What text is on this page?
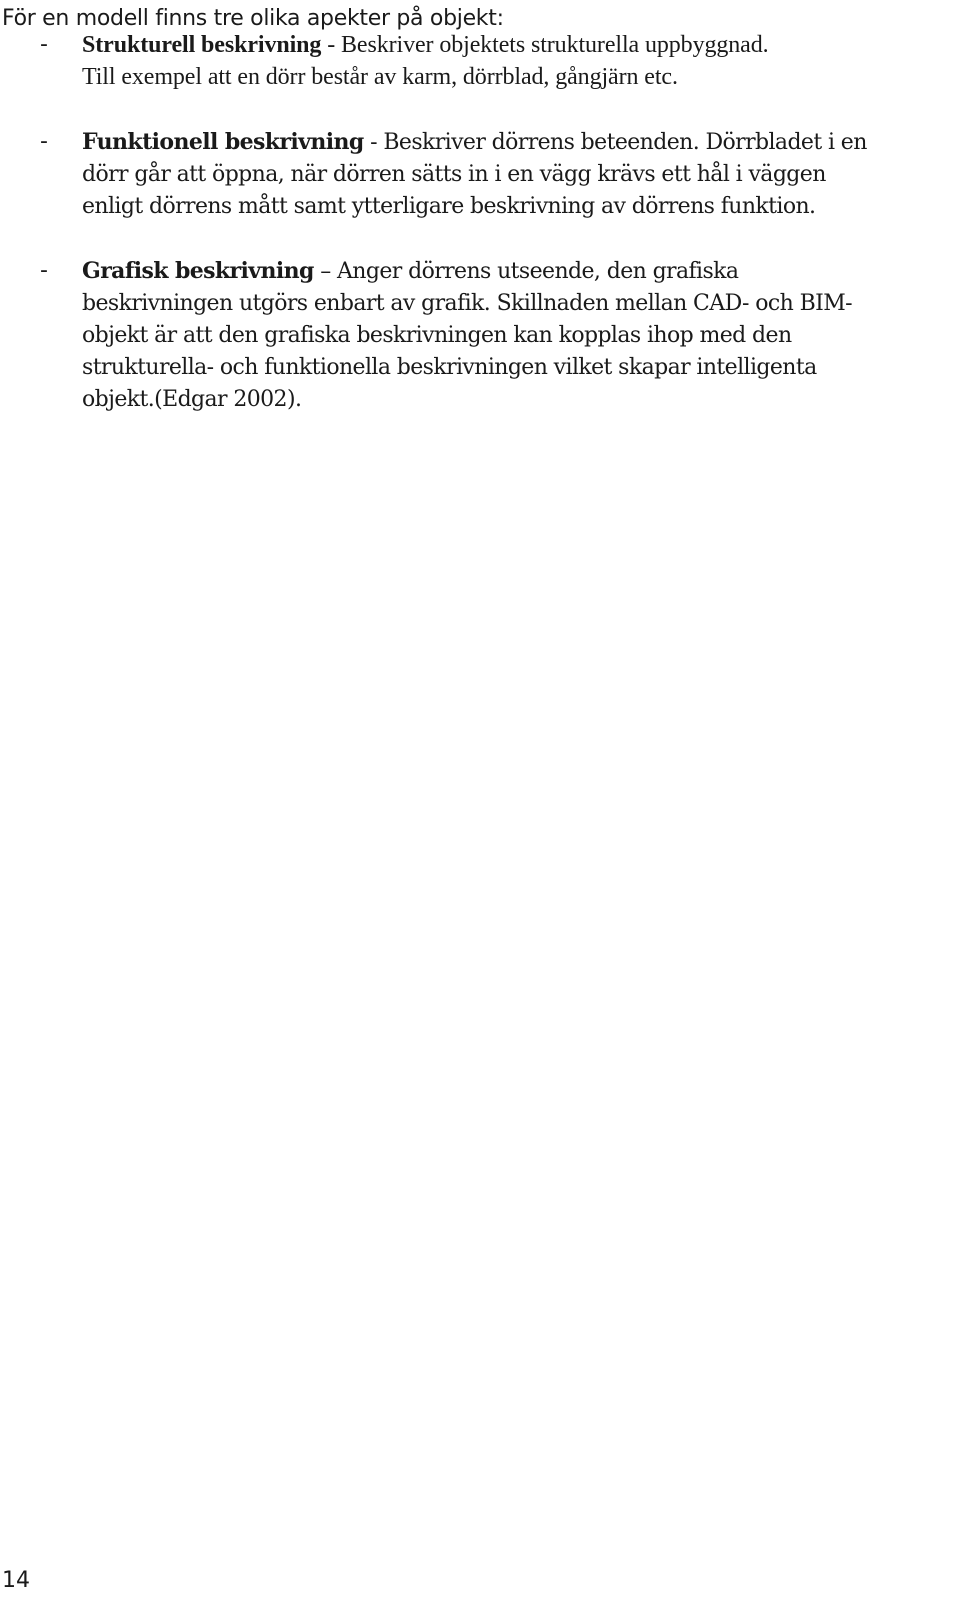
För en modell finns tre olika apekter på objekt:

- Strukturell beskrivning - Beskriver objektets strukturella uppbyggnad.
Till exempel att en dörr består av karm, dörrblad, gångjärn etc.

- Funktionell beskrivning - Beskriver dörrens beteenden. Dörrbladet i en
dörr går att öppna, när dörren sätts in i en vägg krävs ett hål i väggen
enligt dörrens mått samt ytterligare beskrivning av dörrens funktion.

- Grafisk beskrivning – Anger dörrens utseende, den grafiska
beskrivningen utgörs enbart av grafik. Skillnaden mellan CAD- och BIM-
objekt är att den grafiska beskrivningen kan kopplas ihop med den
strukturella- och funktionella beskrivningen vilket skapar intelligenta
objekt.(Edgar 2002).

14
